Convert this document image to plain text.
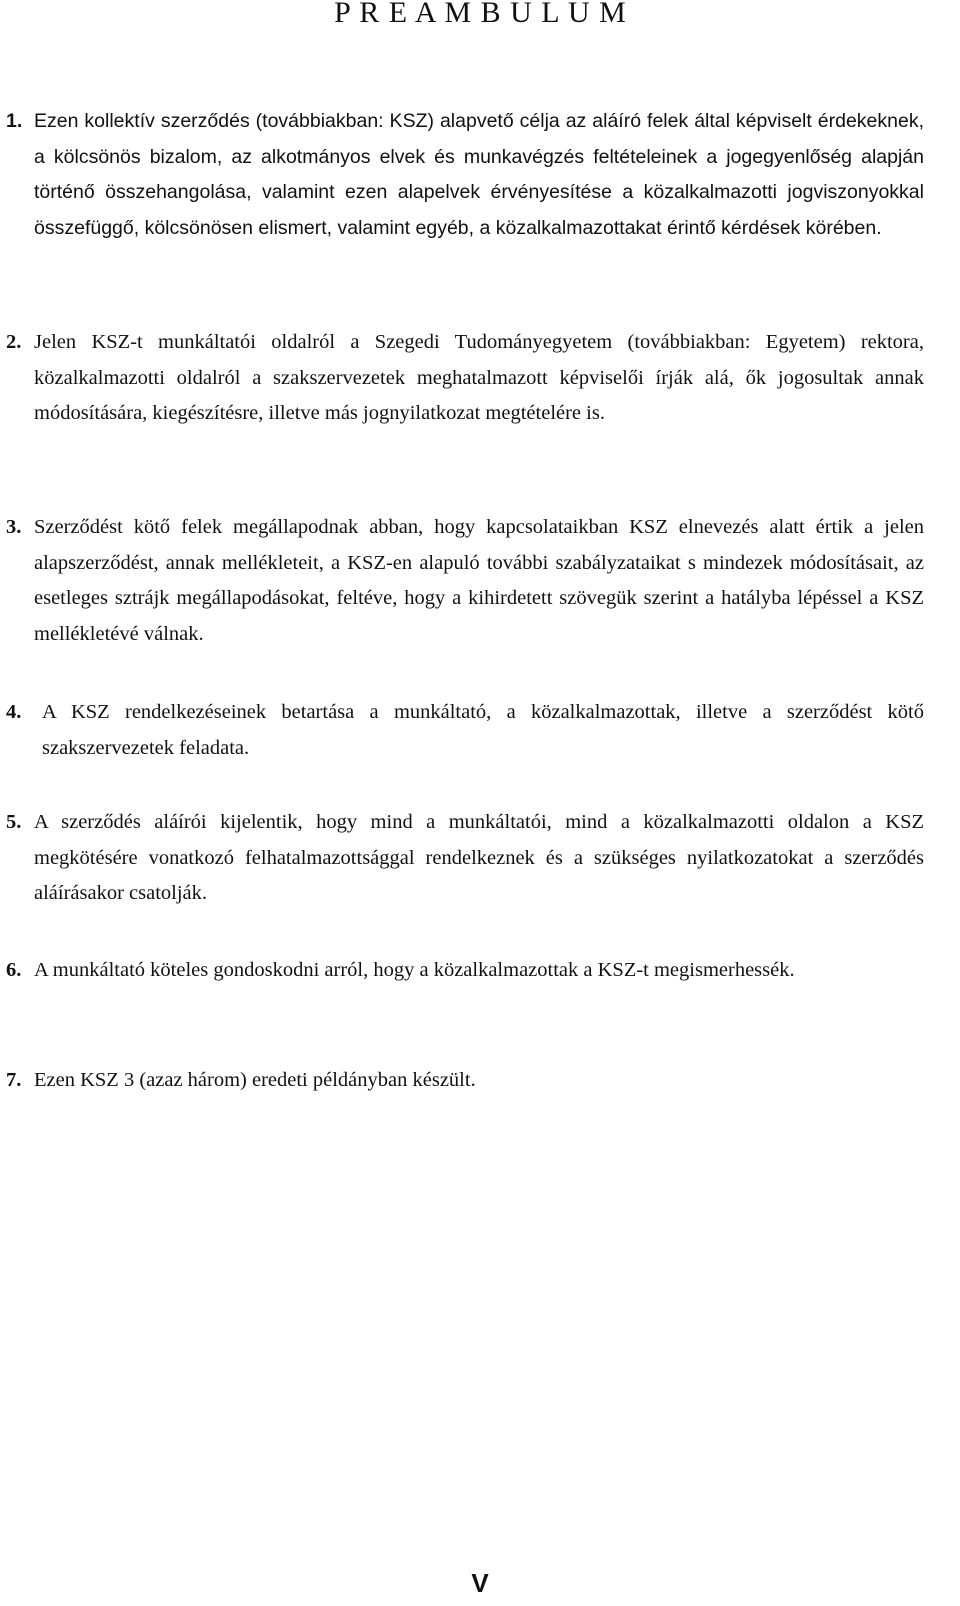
P R E A M B U L U M

1. Ezen kollektív szerződés (továbbiakban: KSZ) alapvető célja az aláíró felek által képviselt érdekeknek, a kölcsönös bizalom, az alkotmányos elvek és munkavégzés feltételeinek a jogegyenlőség alapján történő összehangolása, valamint ezen alapelvek érvényesítése a közalkalmazotti jogviszonyokkal összefüggő, kölcsönösen elismert, valamint egyéb, a közalkalmazottakat érintő kérdések körében.

2. Jelen KSZ-t munkáltatói oldalról a Szegedi Tudományegyetem (továbbiakban: Egyetem) rektora, közalkalmazotti oldalról a szakszervezetek meghatalmazott képviselői írják alá, ők jogosultak annak módosítására, kiegészítésre, illetve más jognyilatkozat megtételére is.

3. Szerződést kötő felek megállapodnak abban, hogy kapcsolataikban KSZ elnevezés alatt értik a jelen alapszerződést, annak mellékleteit, a KSZ-en alapuló további szabályzataikat s mindezek módosításait, az esetleges sztrájk megállapodásokat, feltéve, hogy a kihirdetett szövegük szerint a hatályba lépéssel a KSZ mellékletévé válnak.

4. A KSZ rendelkezéseinek betartása a munkáltató, a közalkalmazottak, illetve a szerződést kötő szakszervezetek feladata.

5. A szerződés aláírói kijelentik, hogy mind a munkáltatói, mind a közalkalmazotti oldalon a KSZ megkötésére vonatkozó felhatalmazottsággal rendelkeznek és a szükséges nyilatkozatokat a szerződés aláírásakor csatolják.

6. A munkáltató köteles gondoskodni arról, hogy a közalkalmazottak a KSZ-t megismerhessék.

7. Ezen KSZ 3 (azaz három) eredeti példányban készült.

V
